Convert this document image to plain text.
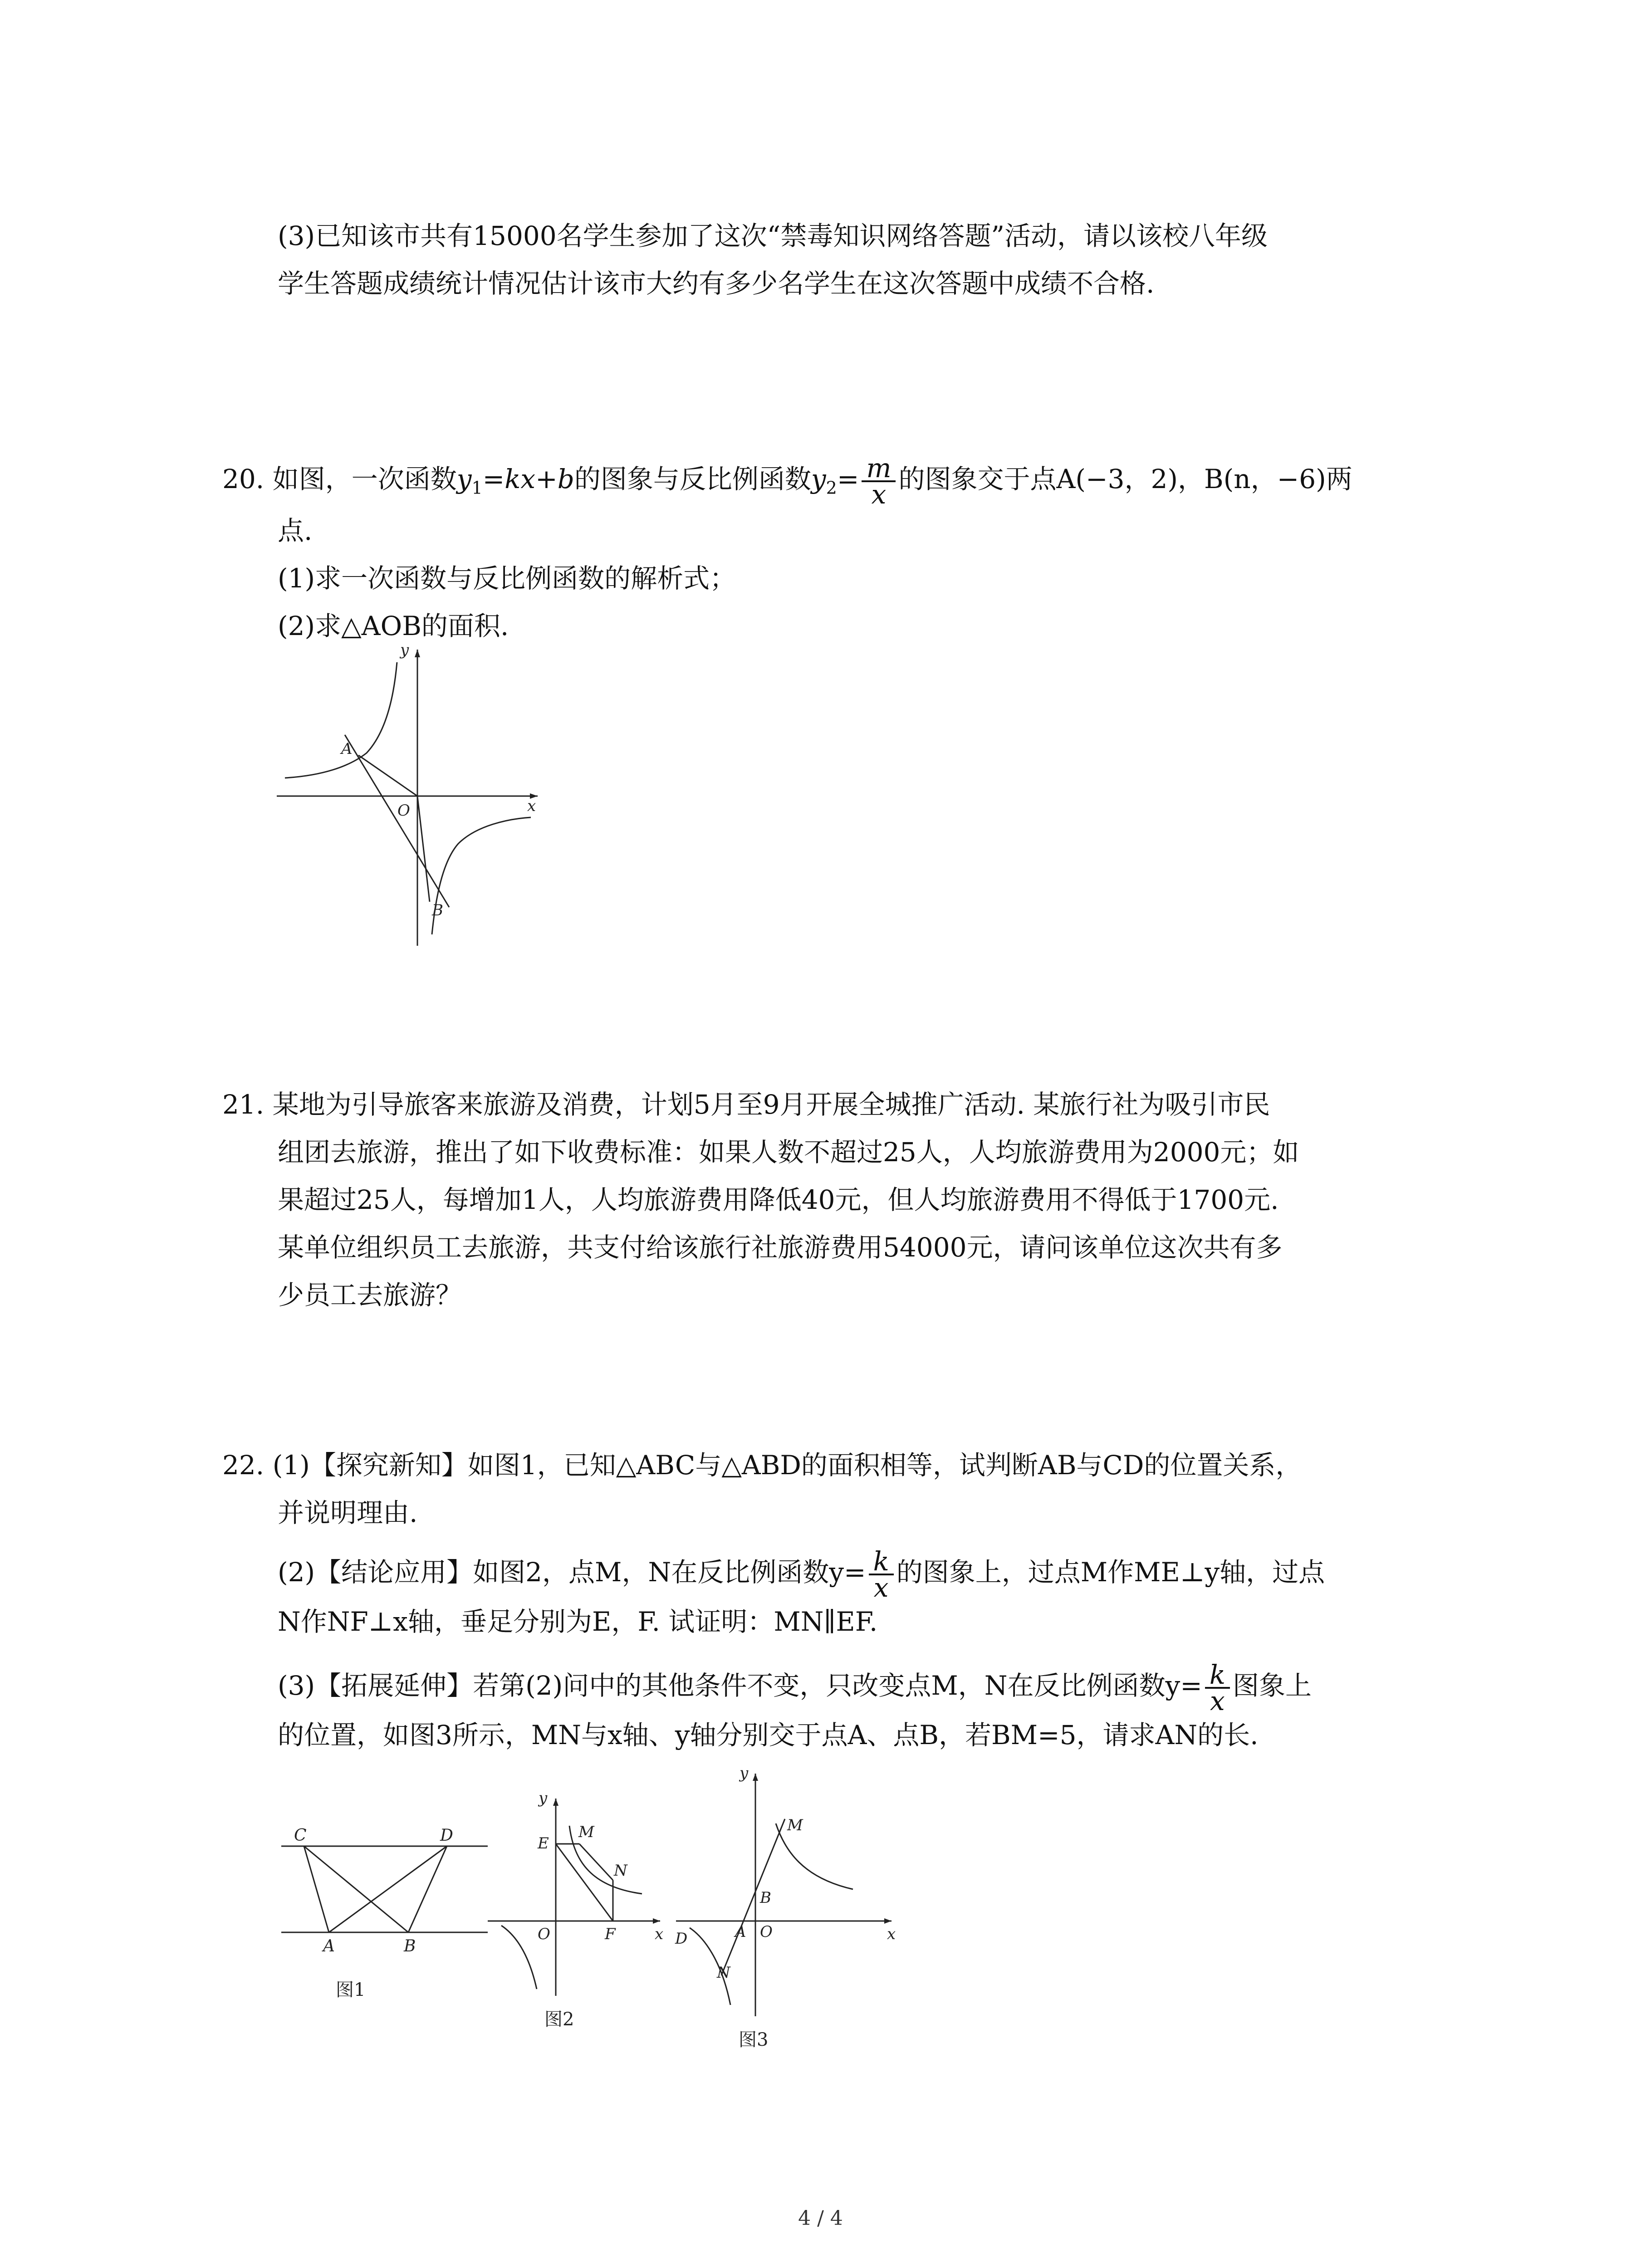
(3)已知该市共有15000名学生参加了这次“禁毒知识网络答题”活动，请以该校八年级
学生答题成绩统计情况估计该市大约有多少名学生在这次答题中成绩不合格.
20. 如图，一次函数$y_1=kx+b$的图象与反比例函数$y_2= \frac{m}{x}$ 的图象交于点A(−3，2)，B(n，−6)两
点.
(1)求一次函数与反比例函数的解析式；
(2)求△AOB的面积.
y
x
O
A
B
21. 某地为引导旅客来旅游及消费，计划5月至9月开展全城推广活动. 某旅行社为吸引市民
组团去旅游，推出了如下收费标准：如果人数不超过25人，人均旅游费用为2000元；如
果超过25人，每增加1人，人均旅游费用降低40元，但人均旅游费用不得低于1700元.
某单位组织员工去旅游，共支付给该旅行社旅游费用54000元，请问该单位这次共有多
少员工去旅游？
22. (1)【探究新知】如图1，已知△ABC与△ABD的面积相等，试判断AB与CD的位置关系，
并说明理由.
(2)【结论应用】如图2，点M，N在反比例函数$y= \frac{k}{x}$ 的图象上，过点M作ME⊥y轴，过点
N作NF⊥x轴，垂足分别为E，F. 试证明：MN∥EF.
(3)【拓展延伸】若第(2)问中的其他条件不变，只改变点M，N在反比例函数$y= \frac{k}{x}$ 图象上
的位置，如图3所示，MN与x轴、y轴分别交于点A、点B，若BM=5，请求AN的长.
C	D
A	B
图1
y
x
O
E
M
N
F
图2
y
x
O
M
B
A
D
N
图3
4 / 4
